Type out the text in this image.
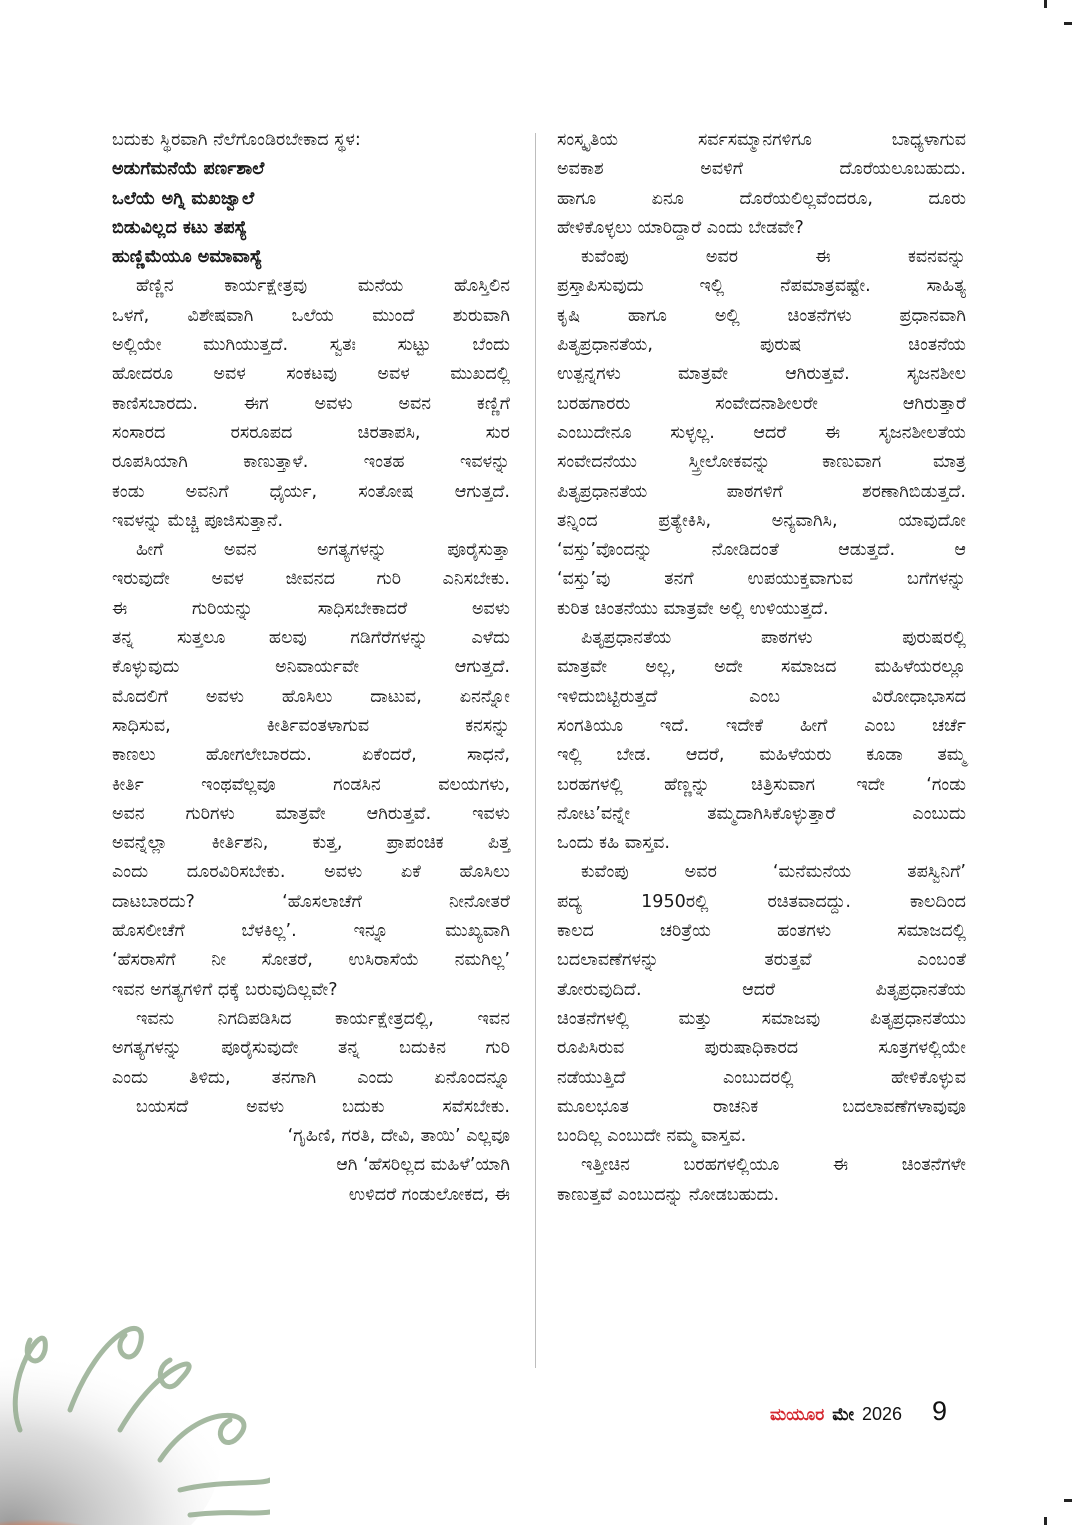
ಬದುಕು ಸ್ಥಿರವಾಗಿ ನೆಲೆಗೊಂಡಿರಬೇಕಾದ ಸ್ಥಳ:
ಅಡುಗೆಮನೆಯೆ ಪರ್ಣಶಾಲೆ
ಒಲೆಯೆ ಅಗ್ನಿ ಮಖಜ್ವಾಲೆ
ಬಿಡುವಿಲ್ಲದ ಕಟು ತಪಸ್ಯೆ
ಹುಣ್ಣಿಮೆಯೂ ಅಮಾವಾಸ್ಯೆ
ಹೆಣ್ಣಿನ ಕಾರ್ಯಕ್ಷೇತ್ರವು ಮನೆಯ ಹೊಸ್ತಿಲಿನ
ಒಳಗೆ, ವಿಶೇಷವಾಗಿ ಒಲೆಯ ಮುಂದೆ ಶುರುವಾಗಿ
ಅಲ್ಲಿಯೇ ಮುಗಿಯುತ್ತದೆ. ಸ್ವತಃ ಸುಟ್ಟು ಬೆಂದು
ಹೋದರೂ ಅವಳ ಸಂಕಟವು ಅವಳ ಮುಖದಲ್ಲಿ
ಕಾಣಿಸಬಾರದು. ಈಗ ಅವಳು ಅವನ ಕಣ್ಣಿಗೆ
ಸಂಸಾರದ ರಸರೂಪದ ಚಿರತಾಪಸಿ, ಸುರ
ರೂಪಸಿಯಾಗಿ ಕಾಣುತ್ತಾಳೆ. ಇಂತಹ ಇವಳನ್ನು
ಕಂಡು ಅವನಿಗೆ ಧೈರ್ಯ, ಸಂತೋಷ ಆಗುತ್ತದೆ.
ಇವಳನ್ನು ಮೆಚ್ಚಿ ಪೂಜಿಸುತ್ತಾನೆ.
ಹೀಗೆ ಅವನ ಅಗತ್ಯಗಳನ್ನು ಪೂರೈಸುತ್ತಾ
ಇರುವುದೇ ಅವಳ ಜೀವನದ ಗುರಿ ಎನಿಸಬೇಕು.
ಈ ಗುರಿಯನ್ನು ಸಾಧಿಸಬೇಕಾದರೆ ಅವಳು
ತನ್ನ ಸುತ್ತಲೂ ಹಲವು ಗಡಿಗೆರೆಗಳನ್ನು ಎಳೆದು
ಕೊಳ್ಳುವುದು ಅನಿವಾರ್ಯವೇ ಆಗುತ್ತದೆ.
ಮೊದಲಿಗೆ ಅವಳು ಹೊಸಿಲು ದಾಟುವ, ಏನನ್ನೋ
ಸಾಧಿಸುವ, ಕೀರ್ತಿವಂತಳಾಗುವ ಕನಸನ್ನು
ಕಾಣಲು ಹೋಗಲೇಬಾರದು. ಏಕೆಂದರೆ, ಸಾಧನೆ,
ಕೀರ್ತಿ ಇಂಥವೆಲ್ಲವೂ ಗಂಡಸಿನ ವಲಯಗಳು,
ಅವನ ಗುರಿಗಳು ಮಾತ್ರವೇ ಆಗಿರುತ್ತವೆ. ಇವಳು
ಅವನ್ನೆಲ್ಲಾ ಕೀರ್ತಿಶನಿ, ಕುತ್ತ, ಪ್ರಾಪಂಚಿಕ ಪಿತ್ತ
ಎಂದು ದೂರವಿರಿಸಬೇಕು. ಅವಳು ಏಕೆ ಹೊಸಿಲು
ದಾಟಬಾರದು? ‘ಹೊಸಲಾಚೆಗೆ ನೀನೋತರೆ
ಹೊಸಲೀಚೆಗೆ ಬೆಳಕಿಲ್ಲ’. ಇನ್ನೂ ಮುಖ್ಯವಾಗಿ
‘ಹೆಸರಾಸೆಗೆ ನೀ ಸೋತರೆ, ಉಸಿರಾಸೆಯೆ ನಮಗಿಲ್ಲ’
ಇವನ ಅಗತ್ಯಗಳಿಗೆ ಧಕ್ಕೆ ಬರುವುದಿಲ್ಲವೇ?
ಇವನು ನಿಗದಿಪಡಿಸಿದ ಕಾರ್ಯಕ್ಷೇತ್ರದಲ್ಲಿ, ಇವನ
ಅಗತ್ಯಗಳನ್ನು ಪೂರೈಸುವುದೇ ತನ್ನ ಬದುಕಿನ ಗುರಿ
ಎಂದು ತಿಳಿದು, ತನಗಾಗಿ ಎಂದು ಏನೊಂದನ್ನೂ
ಬಯಸದೆ ಅವಳು ಬದುಕು ಸವೆಸಬೇಕು.
‘ಗೃಹಿಣಿ, ಗರತಿ, ದೇವಿ, ತಾಯಿ’ ಎಲ್ಲವೂ
ಆಗಿ ‘ಹೆಸರಿಲ್ಲದ ಮಹಿಳೆ’ಯಾಗಿ
ಉಳಿದರೆ ಗಂಡುಲೋಕದ, ಈ
ಸಂಸ್ಕೃತಿಯ ಸರ್ವಸಮ್ಮಾನಗಳಿಗೂ ಬಾಧ್ಯಳಾಗುವ
ಅವಕಾಶ ಅವಳಿಗೆ ದೊರೆಯಲೂಬಹುದು.
ಹಾಗೂ ಏನೂ ದೊರೆಯಲಿಲ್ಲವೆಂದರೂ, ದೂರು
ಹೇಳಿಕೊಳ್ಳಲು ಯಾರಿದ್ದಾರೆ ಎಂದು ಬೇಡವೇ?
ಕುವೆಂಪು ಅವರ ಈ ಕವನವನ್ನು
ಪ್ರಸ್ತಾಪಿಸುವುದು ಇಲ್ಲಿ ನೆಪಮಾತ್ರವಷ್ಟೇ. ಸಾಹಿತ್ಯ
ಕೃಷಿ ಹಾಗೂ ಅಲ್ಲಿ ಚಿಂತನೆಗಳು ಪ್ರಧಾನವಾಗಿ
ಪಿತೃಪ್ರಧಾನತೆಯ, ಪುರುಷ ಚಿಂತನೆಯ
ಉತ್ಪನ್ನಗಳು ಮಾತ್ರವೇ ಆಗಿರುತ್ತವೆ. ಸೃಜನಶೀಲ
ಬರಹಗಾರರು ಸಂವೇದನಾಶೀಲರೇ ಆಗಿರುತ್ತಾರೆ
ಎಂಬುದೇನೂ ಸುಳ್ಳಲ್ಲ. ಆದರೆ ಈ ಸೃಜನಶೀಲತೆಯ
ಸಂವೇದನೆಯು ಸ್ತ್ರೀಲೋಕವನ್ನು ಕಾಣುವಾಗ ಮಾತ್ರ
ಪಿತೃಪ್ರಧಾನತೆಯ ಪಾಠಗಳಿಗೆ ಶರಣಾಗಿಬಿಡುತ್ತದೆ.
ತನ್ನಿಂದ ಪ್ರತ್ಯೇಕಿಸಿ, ಅನ್ಯವಾಗಿಸಿ, ಯಾವುದೋ
‘ವಸ್ತು’ವೊಂದನ್ನು ನೋಡಿದಂತೆ ಆಡುತ್ತದೆ. ಆ
‘ವಸ್ತು’ವು ತನಗೆ ಉಪಯುಕ್ತವಾಗುವ ಬಗೆಗಳನ್ನು
ಕುರಿತ ಚಿಂತನೆಯು ಮಾತ್ರವೇ ಅಲ್ಲಿ ಉಳಿಯುತ್ತದೆ.
ಪಿತೃಪ್ರಧಾನತೆಯ ಪಾಠಗಳು ಪುರುಷರಲ್ಲಿ
ಮಾತ್ರವೇ ಅಲ್ಲ, ಅದೇ ಸಮಾಜದ ಮಹಿಳೆಯರಲ್ಲೂ
ಇಳಿದುಬಿಟ್ಟಿರುತ್ತದೆ ಎಂಬ ವಿರೋಧಾಭಾಸದ
ಸಂಗತಿಯೂ ಇದೆ. ಇದೇಕೆ ಹೀಗೆ ಎಂಬ ಚರ್ಚೆ
ಇಲ್ಲಿ ಬೇಡ. ಆದರೆ, ಮಹಿಳೆಯರು ಕೂಡಾ ತಮ್ಮ
ಬರಹಗಳಲ್ಲಿ ಹೆಣ್ಣನ್ನು ಚಿತ್ರಿಸುವಾಗ ಇದೇ ‘ಗಂಡು
ನೋಟ’ವನ್ನೇ ತಮ್ಮದಾಗಿಸಿಕೊಳ್ಳುತ್ತಾರೆ ಎಂಬುದು
ಒಂದು ಕಹಿ ವಾಸ್ತವ.
ಕುವೆಂಪು ಅವರ ‘ಮನೆಮನೆಯ ತಪಸ್ವಿನಿಗೆ’
ಪದ್ಯ 1950ರಲ್ಲಿ ರಚಿತವಾದದ್ದು. ಕಾಲದಿಂದ
ಕಾಲದ ಚರಿತ್ರೆಯ ಹಂತಗಳು ಸಮಾಜದಲ್ಲಿ
ಬದಲಾವಣೆಗಳನ್ನು ತರುತ್ತವೆ ಎಂಬಂತೆ
ತೋರುವುದಿದೆ. ಆದರೆ ಪಿತೃಪ್ರಧಾನತೆಯ
ಚಿಂತನೆಗಳಲ್ಲಿ ಮತ್ತು ಸಮಾಜವು ಪಿತೃಪ್ರಧಾನತೆಯು
ರೂಪಿಸಿರುವ ಪುರುಷಾಧಿಕಾರದ ಸೂತ್ರಗಳಲ್ಲಿಯೇ
ನಡೆಯುತ್ತಿದೆ ಎಂಬುದರಲ್ಲಿ ಹೇಳಿಕೊಳ್ಳುವ
ಮೂಲಭೂತ ರಾಚನಿಕ ಬದಲಾವಣೆಗಳಾವುವೂ
ಬಂದಿಲ್ಲ ಎಂಬುದೇ ನಮ್ಮ ವಾಸ್ತವ.
ಇತ್ತೀಚಿನ ಬರಹಗಳಲ್ಲಿಯೂ ಈ ಚಿಂತನೆಗಳೇ
ಕಾಣುತ್ತವೆ ಎಂಬುದನ್ನು ನೋಡಬಹುದು.
ಮಯೂರ ಮೇ 2026 9
